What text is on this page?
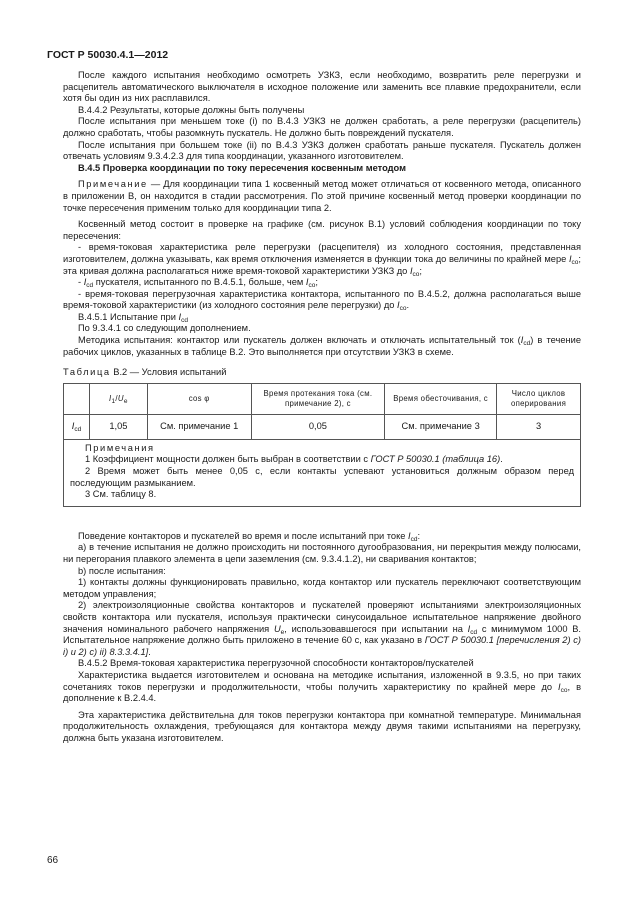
ГОСТ Р 50030.4.1—2012

После каждого испытания необходимо осмотреть УЗКЗ, если необходимо, возвратить реле перегрузки и расцепитель автоматического выключателя в исходное положение или заменить все плавкие предохранители, если хотя бы один из них расплавился.

В.4.4.2 Результаты, которые должны быть получены

После испытания при меньшем токе (i) по В.4.3 УЗКЗ не должен сработать, а реле перегрузки (расцепитель) должно сработать, чтобы разомкнуть пускатель. Не должно быть повреждений пускателя.

После испытания при большем токе (ii) по В.4.3 УЗКЗ должен сработать раньше пускателя. Пускатель должен отвечать условиям 9.3.4.2.3 для типа координации, указанного изготовителем.

В.4.5 Проверка координации по току пересечения косвенным методом

Примечание — Для координации типа 1 косвенный метод может отличаться от косвенного метода, описанного в приложении В, он находится в стадии рассмотрения. По этой причине косвенный метод проверки координации по точке пересечения применим только для координации типа 2.

Косвенный метод состоит в проверке на графике (см. рисунок В.1) условий соблюдения координации по току пересечения:

- время-токовая характеристика реле перегрузки (расцепителя) из холодного состояния, представленная изготовителем, должна указывать, как время отключения изменяется в функции тока до величины по крайней мере $I_{co}$; эта кривая должна располагаться ниже время-токовой характеристики УЗКЗ до $I_{co}$;

- $I_{cd}$ пускателя, испытанного по В.4.5.1, больше, чем $I_{co}$;

- время-токовая перегрузочная характеристика контактора, испытанного по В.4.5.2, должна располагаться выше время-токовой характеристики (из холодного состояния реле перегрузки) до $I_{co}$.

В.4.5.1 Испытание при $I_{cd}$

По 9.3.4.1 со следующим дополнением.

Методика испытания: контактор или пускатель должен включать и отключать испытательный ток $(I_{cd})$ в течение рабочих циклов, указанных в таблице В.2. Это выполняется при отсутствии УЗКЗ в схеме.

Таблица В.2 — Условия испытаний

	$I_1/U_е$	cos φ	Время протекания тока (см. примечание 2), с	Время обесточивания, с	Число циклов оперирования
$I_{cd}$	1,05	См. примечание 1	0,05	См. примечание 3	3

Примечания

1 Коэффициент мощности должен быть выбран в соответствии с ГОСТ Р 50030.1 (таблица 16).

2 Время может быть менее 0,05 с, если контакты успевают установиться должным образом перед последующим размыканием.

3 См. таблицу 8.					

Поведение контакторов и пускателей во время и после испытаний при токе $I_{cd}$:

а) в течение испытания не должно происходить ни постоянного дугообразования, ни перекрытия между полюсами, ни перегорания плавкого элемента в цепи заземления (см. 9.3.4.1.2), ни сваривания контактов;

b) после испытания:

1) контакты должны функционировать правильно, когда контактор или пускатель переключают соответствующим методом управления;

2) электроизоляционные свойства контакторов и пускателей проверяют испытаниями электроизоляционных свойств контактора или пускателя, используя практически синусоидальное испытательное напряжение двойного значения номинального рабочего напряжения $U_e$, использовавшегося при испытании на $I_{cd}$ с минимумом 1000 В. Испытательное напряжение должно быть приложено в течение 60 с, как указано в ГОСТ Р 50030.1 [перечисления 2) с) i) и 2) с) ii) 8.3.3.4.1].

В.4.5.2 Время-токовая характеристика перегрузочной способности контакторов/пускателей

Характеристика выдается изготовителем и основана на методике испытания, изложенной в 9.3.5, но при таких сочетаниях токов перегрузки и продолжительности, чтобы получить характеристику по крайней мере до $I_{co}$, в дополнение к В.2.4.4.

Эта характеристика действительна для токов перегрузки контактора при комнатной температуре. Минимальная продолжительность охлаждения, требующаяся для контактора между двумя такими испытаниями на перегрузку, должна быть указана изготовителем.

66
